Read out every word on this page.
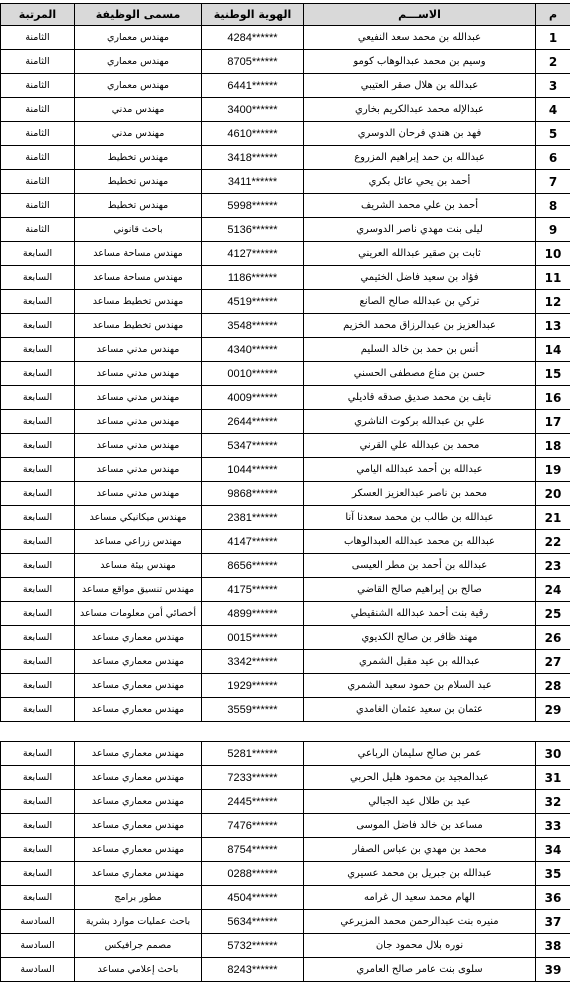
م	الاســـم	الهوية الوطنية	مسمى الوظيفة	المرتبة
1	عبدالله بن محمد سعد النفيعي	4284******	مهندس معماري	الثامنة
2	وسيم بن محمد عبدالوهاب كومو	8705******	مهندس معماري	الثامنة
3	عبدالله بن هلال صقر العتيبي	6441******	مهندس معماري	الثامنة
4	عبدالإله محمد عبدالكريم بخاري	3400******	مهندس مدني	الثامنة
5	فهد بن هندي فرحان الدوسري	4610******	مهندس مدني	الثامنة
6	عبدالله بن حمد إبراهيم المزروع	3418******	مهندس تخطيط	الثامنة
7	أحمد بن يحي عائل بكري	3411******	مهندس تخطيط	الثامنة
8	أحمد بن علي محمد الشريف	5998******	مهندس تخطيط	الثامنة
9	ليلى بنت مهدي ناصر الدوسري	5136******	باحث قانوني	الثامنة
10	ثابت بن صقير عبدالله العريني	4127******	مهندس مساحة مساعد	السابعة
11	فؤاد بن سعيد فاضل الخثيمي	1186******	مهندس مساحة مساعد	السابعة
12	تركي بن عبدالله صالح الصانع	4519******	مهندس تخطيط مساعد	السابعة
13	عبدالعزيز بن عبدالرزاق محمد الخزيم	3548******	مهندس تخطيط مساعد	السابعة
14	أنس بن حمد بن خالد السليم	4340******	مهندس مدني مساعد	السابعة
15	حسن بن مناع مصطفى الحسني	0010******	مهندس مدني مساعد	السابعة
16	نايف بن محمد صديق صدقه قاديلي	4009******	مهندس مدني مساعد	السابعة
17	علي بن عبدالله بركوت الناشري	2644******	مهندس مدني مساعد	السابعة
18	محمد بن عبدالله علي القرني	5347******	مهندس مدني مساعد	السابعة
19	عبدالله بن أحمد عبدالله اليامي	1044******	مهندس مدني مساعد	السابعة
20	محمد بن ناصر عبدالعزيز العسكر	9868******	مهندس مدني مساعد	السابعة
21	عبدالله بن طالب بن محمد سعدنا آنا	2381******	مهندس ميكانيكي مساعد	السابعة
22	عبدالله بن محمد عبدالله العبدالوهاب	4147******	مهندس زراعي مساعد	السابعة
23	عبدالله بن أحمد بن مطر العيسى	8656******	مهندس بيئة مساعد	السابعة
24	صالح بن إبراهيم صالح القاضي	4175******	مهندس تنسيق مواقع مساعد	السابعة
25	رقية بنت أحمد عبدالله الشنقيطي	4899******	أخصائي أمن معلومات مساعد	السابعة
26	مهند ظافر بن صالح الكديوي	0015******	مهندس معماري مساعد	السابعة
27	عبدالله بن عيد مقبل الشمري	3342******	مهندس معماري مساعد	السابعة
28	عبد السلام بن حمود سعيد الشمري	1929******	مهندس معماري مساعد	السابعة
29	عثمان بن سعيد عثمان الغامدي	3559******	مهندس معماري مساعد	السابعة
30	عمر بن صالح سليمان الرباعي	5281******	مهندس معماري مساعد	السابعة
31	عبدالمجيد بن محمود هليل الحربي	7233******	مهندس معماري مساعد	السابعة
32	عيد بن طلال عيد الجبالي	2445******	مهندس معماري مساعد	السابعة
33	مساعد بن خالد فاضل الموسى	7476******	مهندس معماري مساعد	السابعة
34	محمد بن مهدي بن عباس الصفار	8754******	مهندس معماري مساعد	السابعة
35	عبدالله بن جبريل بن محمد عسيري	0288******	مهندس معماري مساعد	السابعة
36	الهام محمد سعيد ال غرامه	4504******	مطور برامج	السابعة
37	منيره بنت عبدالرحمن محمد المزيرعي	5634******	باحث عمليات موارد بشرية	السادسة
38	نوره بلال محمود جان	5732******	مصمم جرافيكس	السادسة
39	سلوى بنت عامر صالح العامري	8243******	باحث إعلامي مساعد	السادسة
